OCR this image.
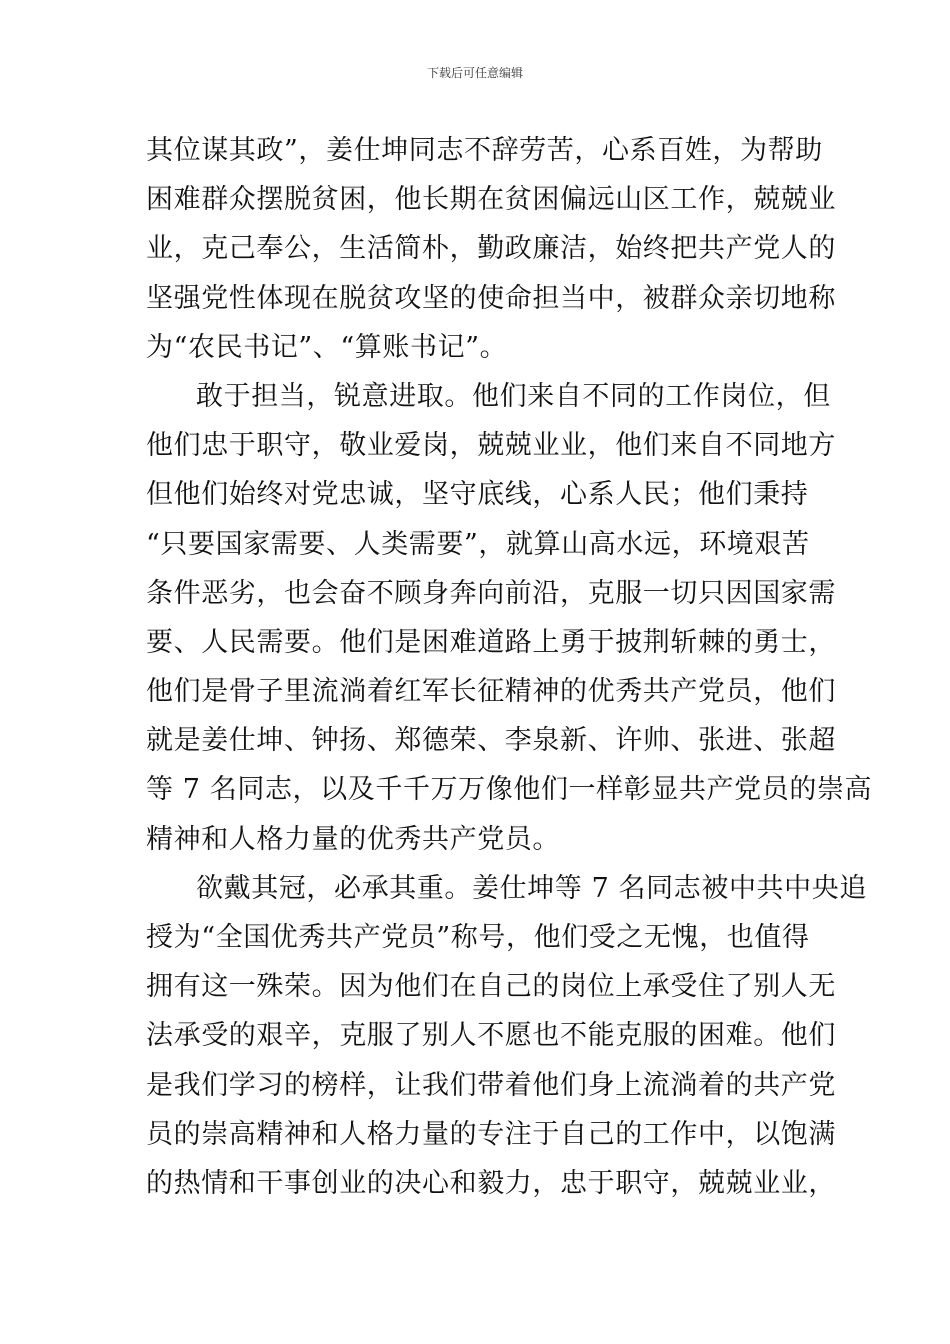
下载后可任意编辑
其位谋其政”，姜仕坤同志不辞劳苦，心系百姓，为帮助
困难群众摆脱贫困，他长期在贫困偏远山区工作，兢兢业
业，克己奉公，生活简朴，勤政廉洁，始终把共产党人的
坚强党性体现在脱贫攻坚的使命担当中，被群众亲切地称
为“农民书记”、“算账书记”。
敢于担当，锐意进取。他们来自不同的工作岗位，但
他们忠于职守，敬业爱岗，兢兢业业，他们来自不同地方
但他们始终对党忠诚，坚守底线，心系人民；他们秉持
“只要国家需要、人类需要”，就算山高水远，环境艰苦
条件恶劣，也会奋不顾身奔向前沿，克服一切只因国家需
要、人民需要。他们是困难道路上勇于披荆斩棘的勇士，
他们是骨子里流淌着红军长征精神的优秀共产党员，他们
就是姜仕坤、钟扬、郑德荣、李泉新、许帅、张进、张超
等 7 名同志，以及千千万万像他们一样彰显共产党员的崇高
精神和人格力量的优秀共产党员。
欲戴其冠，必承其重。姜仕坤等 7 名同志被中共中央追
授为“全国优秀共产党员”称号，他们受之无愧，也值得
拥有这一殊荣。因为他们在自己的岗位上承受住了别人无
法承受的艰辛，克服了别人不愿也不能克服的困难。他们
是我们学习的榜样，让我们带着他们身上流淌着的共产党
员的崇高精神和人格力量的专注于自己的工作中，以饱满
的热情和干事创业的决心和毅力，忠于职守，兢兢业业，
